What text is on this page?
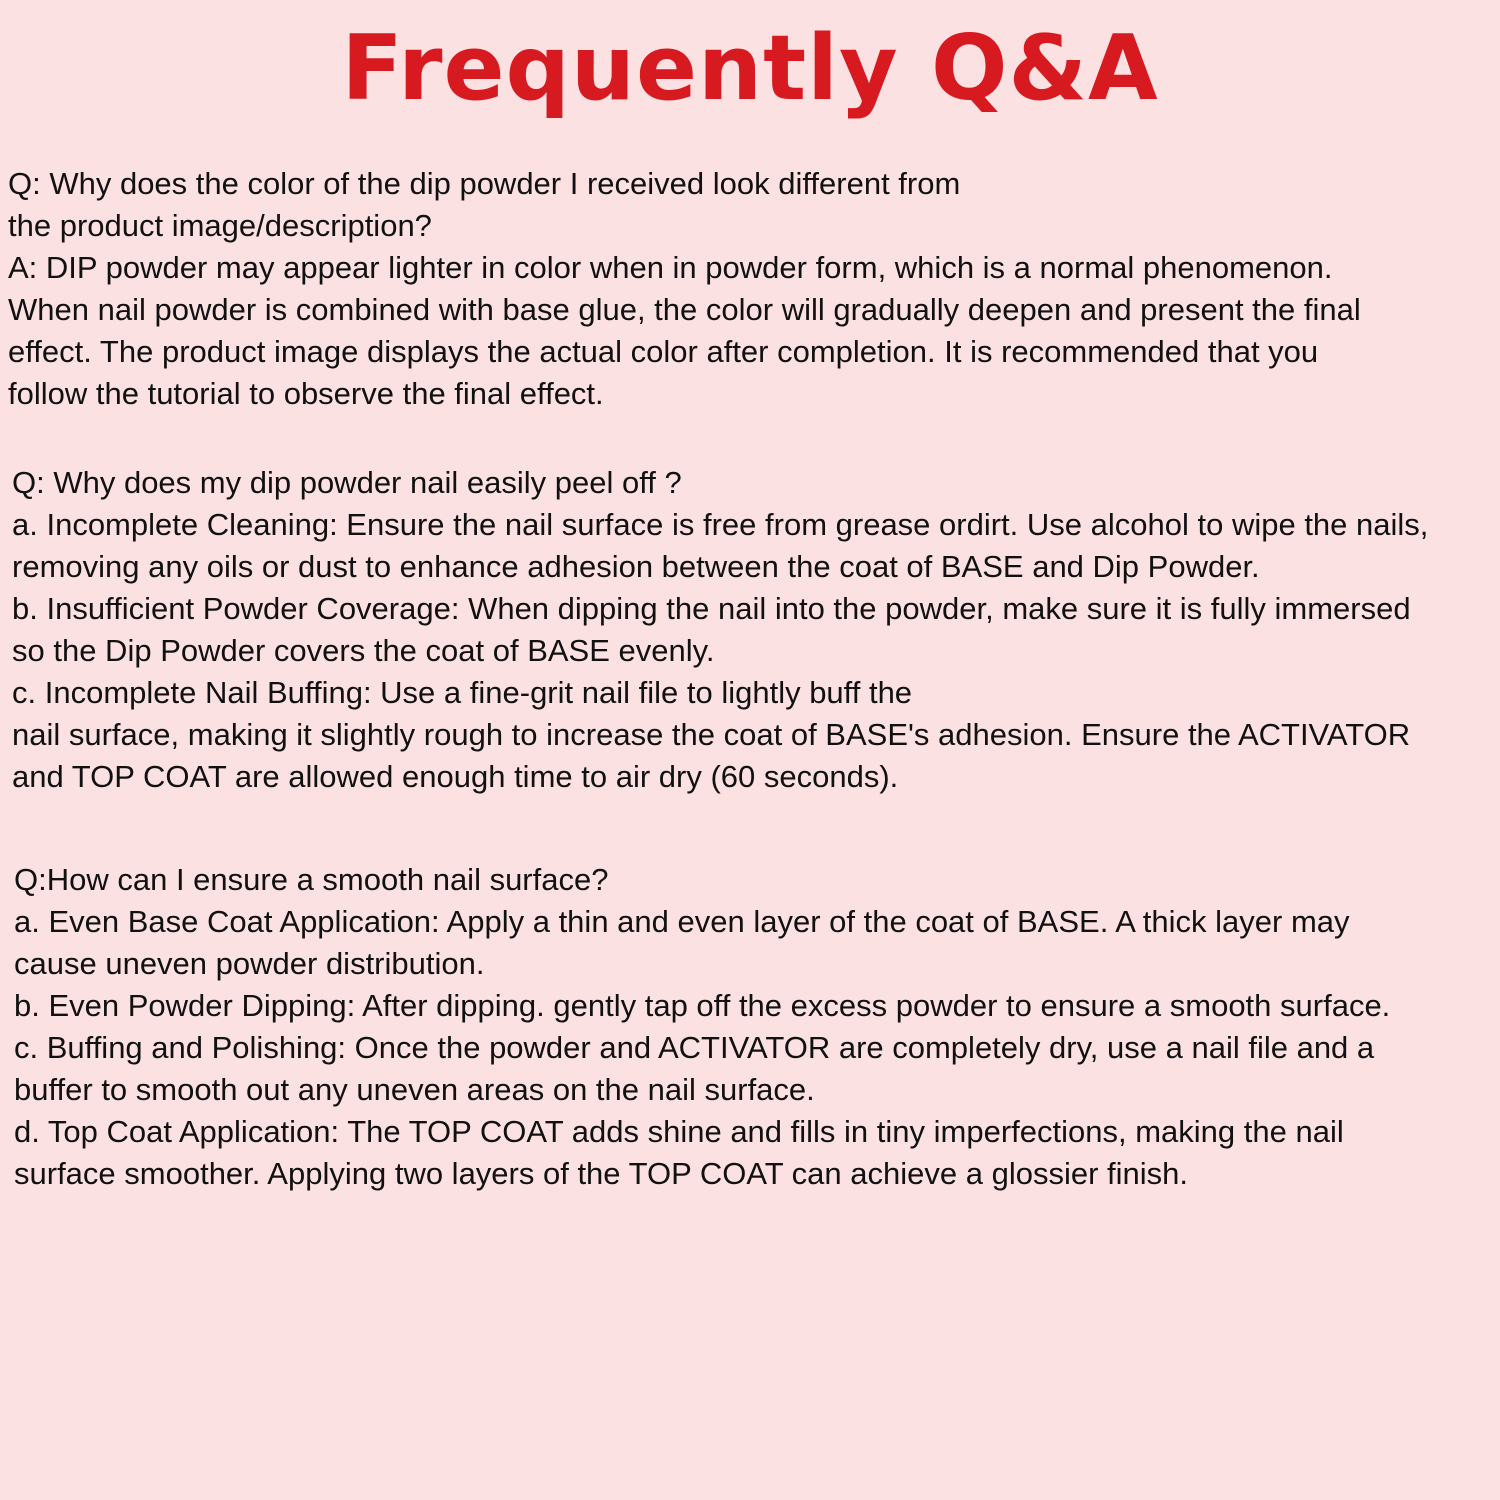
Frequently Q&A
Q: Why does the color of the dip powder I received look different from
the product image/description?
A: DIP powder may appear lighter in color when in powder form, which is a normal phenomenon.
When nail powder is combined with base glue, the color will gradually deepen and present the final
effect. The product image displays the actual color after completion. It is recommended that you
follow the tutorial to observe the final effect.
Q: Why does my dip powder nail easily peel off ?
a. Incomplete Cleaning: Ensure the nail surface is free from grease ordirt. Use alcohol to wipe the nails,
removing any oils or dust to enhance adhesion between the coat of BASE and Dip Powder.
b. Insufficient Powder Coverage: When dipping the nail into the powder, make sure it is fully immersed
so the Dip Powder covers the coat of BASE evenly.
c. Incomplete Nail Buffing: Use a fine-grit nail file to lightly buff the
nail surface, making it slightly rough to increase the coat of BASE's adhesion. Ensure the ACTIVATOR
and TOP COAT are allowed enough time to air dry (60 seconds).
Q:How can I ensure a smooth nail surface?
a. Even Base Coat Application: Apply a thin and even layer of the coat of BASE. A thick layer may
cause uneven powder distribution.
b. Even Powder Dipping: After dipping. gently tap off the excess powder to ensure a smooth surface.
c. Buffing and Polishing: Once the powder and ACTIVATOR are completely dry, use a nail file and a
buffer to smooth out any uneven areas on the nail surface.
d. Top Coat Application: The TOP COAT adds shine and fills in tiny imperfections, making the nail
surface smoother. Applying two layers of the TOP COAT can achieve a glossier finish.
